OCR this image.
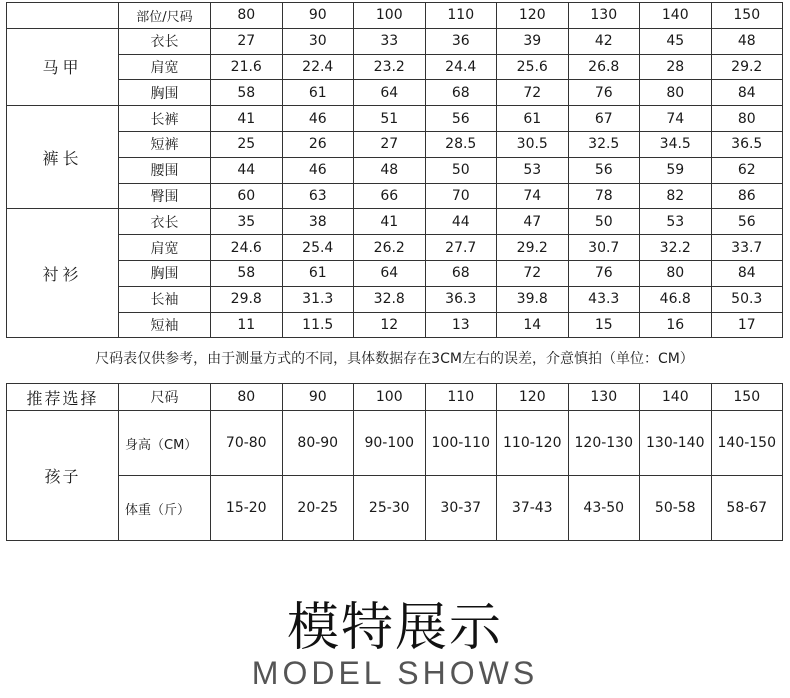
	部位/尺码	80	90	100	110	120	130	140	150
马甲	衣长	27	30	33	36	39	42	45	48
	肩宽	21.6	22.4	23.2	24.4	25.6	26.8	28	29.2
	胸围	58	61	64	68	72	76	80	84
裤长	长裤	41	46	51	56	61	67	74	80
	短裤	25	26	27	28.5	30.5	32.5	34.5	36.5
	腰围	44	46	48	50	53	56	59	62
	臀围	60	63	66	70	74	78	82	86
衬衫	衣长	35	38	41	44	47	50	53	56
	肩宽	24.6	25.4	26.2	27.7	29.2	30.7	32.2	33.7
	胸围	58	61	64	68	72	76	80	84
	长袖	29.8	31.3	32.8	36.3	39.8	43.3	46.8	50.3
	短袖	11	11.5	12	13	14	15	16	17
尺码表仅供参考，由于测量方式的不同，具体数据存在3CM左右的误差，介意慎拍（单位：CM）
推荐选择	尺码	80	90	100	110	120	130	140	150
孩子	身高（CM）	70-80	80-90	90-100	100-110	110-120	120-130	130-140	140-150
	体重（斤）	15-20	20-25	25-30	30-37	37-43	43-50	50-58	58-67
模特展示
MODEL SHOWS
